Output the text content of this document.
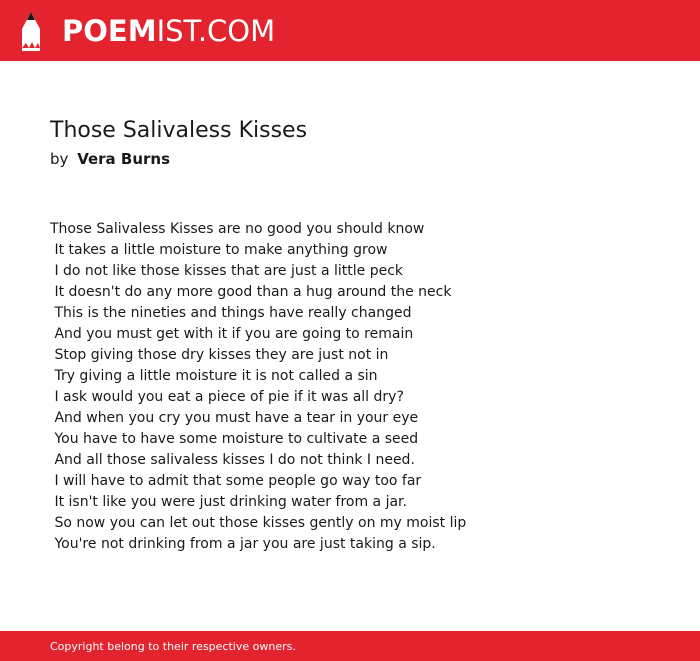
POEMIST.COM
Those Salivaless Kisses
by Vera Burns
Those Salivaless Kisses are no good you should know
It takes a little moisture to make anything grow
I do not like those kisses that are just a little peck
It doesn't do any more good than a hug around the neck
This is the nineties and things have really changed
And you must get with it if you are going to remain
Stop giving those dry kisses they are just not in
Try giving a little moisture it is not called a sin
I ask would you eat a piece of pie if it was all dry?
And when you cry you must have a tear in your eye
You have to have some moisture to cultivate a seed
And all those salivaless kisses I do not think I need.
I will have to admit that some people go way too far
It isn't like you were just drinking water from a jar.
So now you can let out those kisses gently on my moist lip
You're not drinking from a jar you are just taking a sip.
Copyright belong to their respective owners.
